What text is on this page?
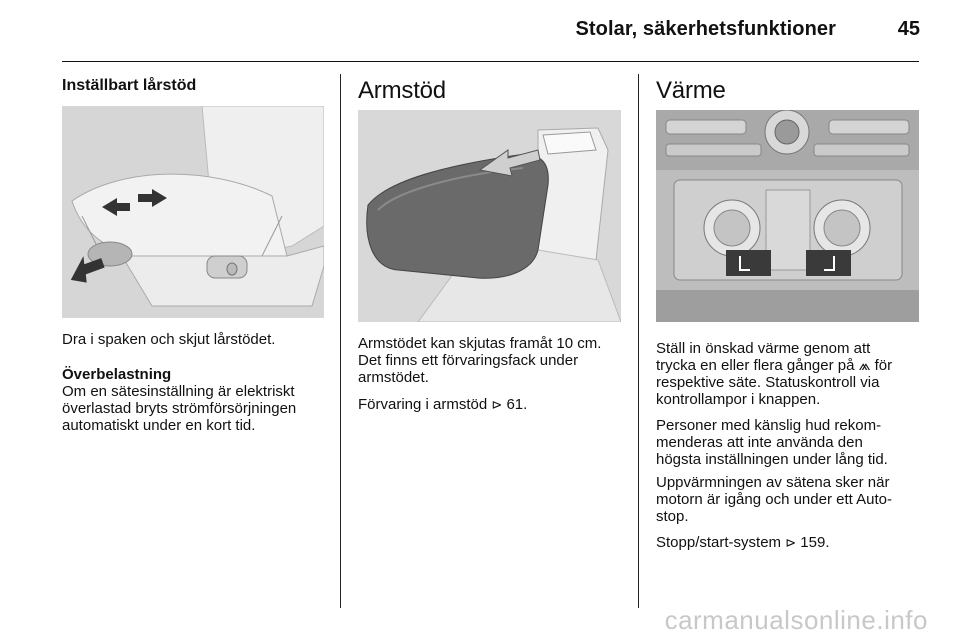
Stolar, säkerhetsfunktioner	45
Inställbart lårstöd

Dra i spaken och skjut lårstödet.

Överbelastning

Om en sätesinställning är elektriskt
överlastad bryts strömförsörjningen
automatiskt under en kort tid.

Armstöd

Armstödet kan skjutas framåt 10 cm.
Det finns ett förvaringsfack under
armstödet.

Förvaring i armstöd ⊳ 61.

Värme

Ställ in önskad värme genom att
trycka en eller flera gånger på ⩕ för
respektive säte. Statuskontroll via
kontrollampor i knappen.

Personer med känslig hud rekom-
menderas att inte använda den
högsta inställningen under lång tid.

Uppvärmningen av sätena sker när
motorn är igång och under ett Auto-
stop.

Stopp/start-system ⊳ 159.

carmanualsonline.info
